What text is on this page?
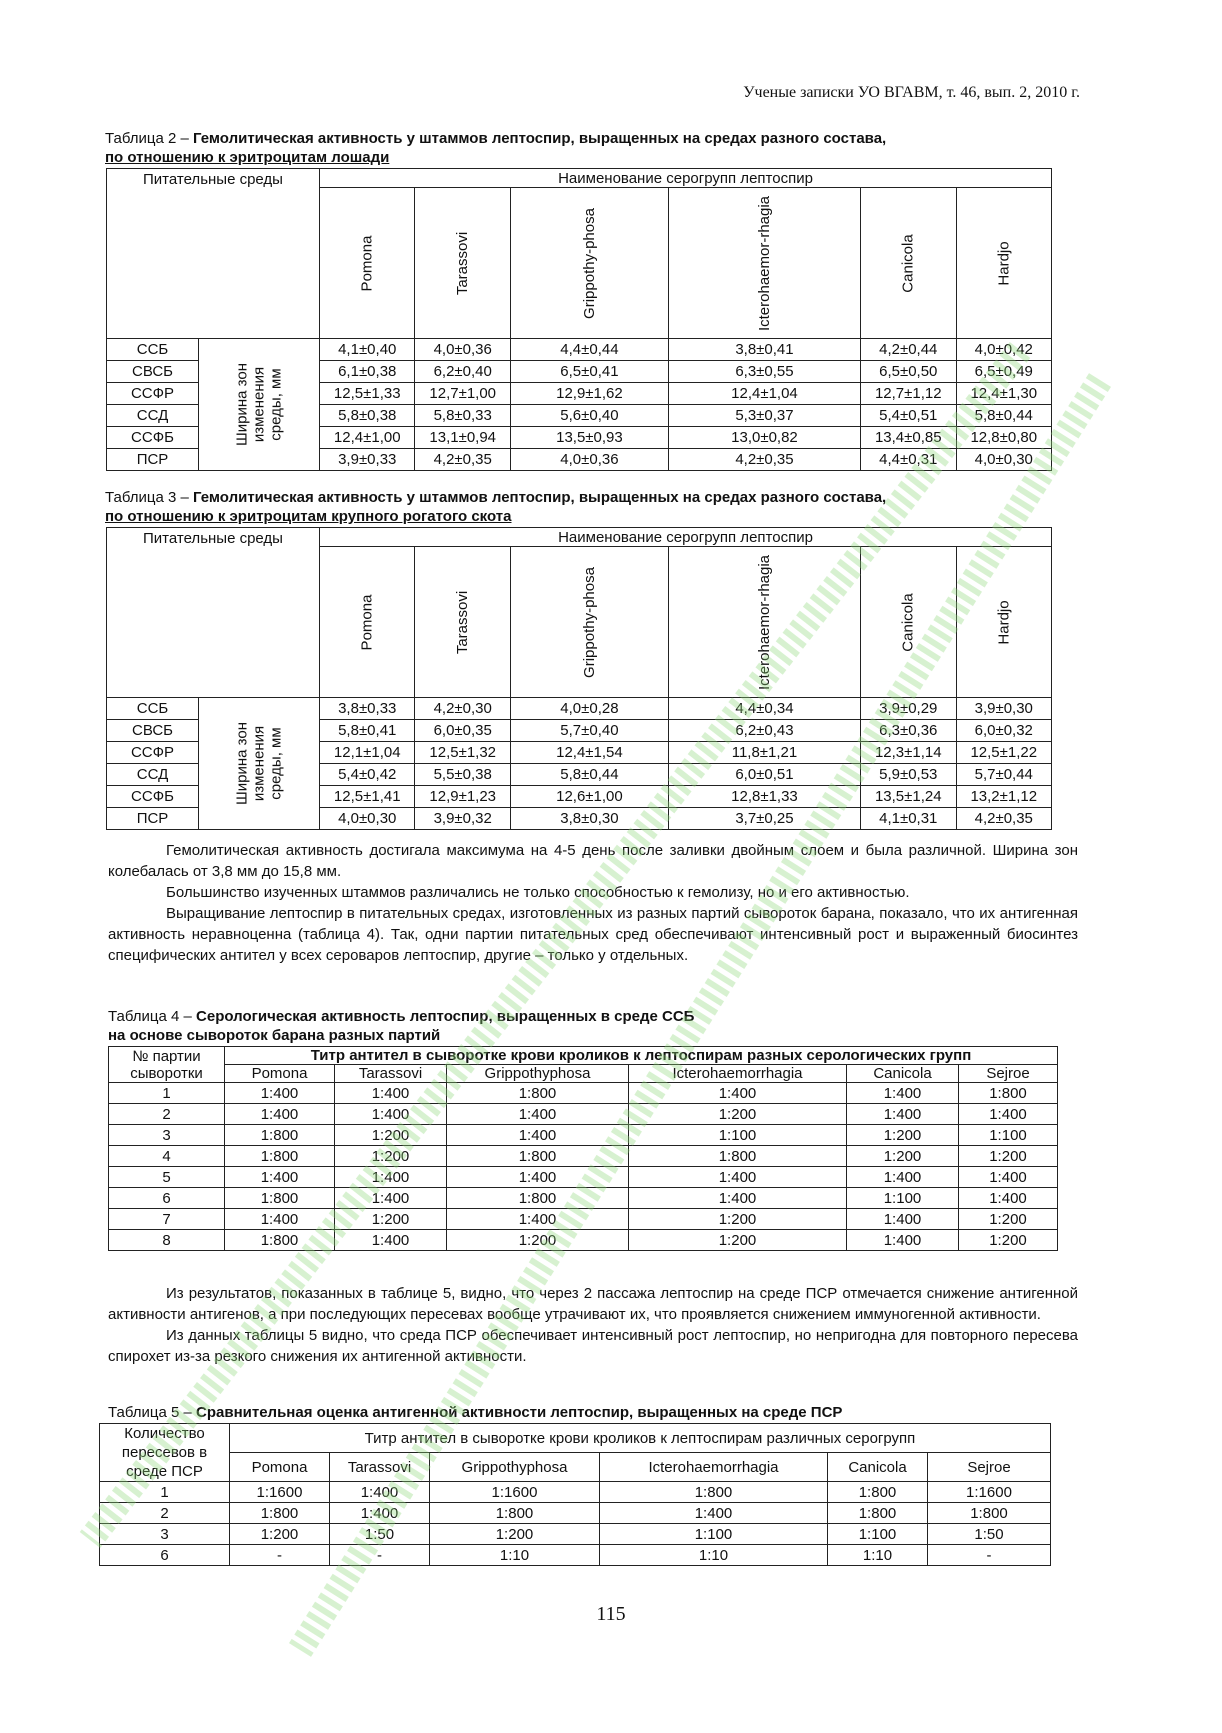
Ученые записки УО ВГАВМ, т. 46, вып. 2, 2010 г.
Таблица 2 – Гемолитическая активность у штаммов лептоспир, выращенных на средах разного состава,
по отношению к эритроцитам лошади
Питательные среды		Наименование серогрупп лептоспир					
		Pomona	Tarassovi	Grippothy-phosa	Icterohaemor-rhagia	Canicola	Hardjo
ССБ	Ширина зон изменения среды, мм	4,1±0,40	4,0±0,36	4,4±0,44	3,8±0,41	4,2±0,44	4,0±0,42
СВСБ		6,1±0,38	6,2±0,40	6,5±0,41	6,3±0,55	6,5±0,50	6,5±0,49
ССФР		12,5±1,33	12,7±1,00	12,9±1,62	12,4±1,04	12,7±1,12	12,4±1,30
ССД		5,8±0,38	5,8±0,33	5,6±0,40	5,3±0,37	5,4±0,51	5,8±0,44
ССФБ		12,4±1,00	13,1±0,94	13,5±0,93	13,0±0,82	13,4±0,85	12,8±0,80
ПСР		3,9±0,33	4,2±0,35	4,0±0,36	4,2±0,35	4,4±0,31	4,0±0,30
Таблица 3 – Гемолитическая активность у штаммов лептоспир, выращенных на средах разного состава,
по отношению к эритроцитам крупного рогатого скота
Питательные среды		Наименование серогрупп лептоспир					
		Pomona	Tarassovi	Grippothy-phosa	Icterohaemor-rhagia	Canicola	Hardjo
ССБ	Ширина зон изменения среды, мм	3,8±0,33	4,2±0,30	4,0±0,28	4,4±0,34	3,9±0,29	3,9±0,30
СВСБ		5,8±0,41	6,0±0,35	5,7±0,40	6,2±0,43	6,3±0,36	6,0±0,32
ССФР		12,1±1,04	12,5±1,32	12,4±1,54	11,8±1,21	12,3±1,14	12,5±1,22
ССД		5,4±0,42	5,5±0,38	5,8±0,44	6,0±0,51	5,9±0,53	5,7±0,44
ССФБ		12,5±1,41	12,9±1,23	12,6±1,00	12,8±1,33	13,5±1,24	13,2±1,12
ПСР		4,0±0,30	3,9±0,32	3,8±0,30	3,7±0,25	4,1±0,31	4,2±0,35

Гемолитическая активность достигала максимума на 4-5 день после заливки двойным слоем и была различной. Ширина зон колебалась от 3,8 мм до 15,8 мм.

Большинство изученных штаммов различались не только способностью к гемолизу, но и его активностью.

Выращивание лептоспир в питательных средах, изготовленных из разных партий сывороток барана, показало, что их антигенная активность неравноценна (таблица 4). Так, одни партии питательных сред обеспечивают интенсивный рост и выраженный биосинтез специфических антител у всех сероваров лептоспир, другие – только у отдельных.

Таблица 4 – Серологическая активность лептоспир, выращенных в среде ССБ
на основе сывороток барана разных партий
№ партии сыворотки	Титр антител в сыворотке крови кроликов к лептоспирам разных серологических групп					
	Pomona	Tarassovi	Grippothyphosa	Icterohaemorrhagia	Canicola	Sejroe
1	1:400	1:400	1:800	1:400	1:400	1:800
2	1:400	1:400	1:400	1:200	1:400	1:400
3	1:800	1:200	1:400	1:100	1:200	1:100
4	1:800	1:200	1:800	1:800	1:200	1:200
5	1:400	1:400	1:400	1:400	1:400	1:400
6	1:800	1:400	1:800	1:400	1:100	1:400
7	1:400	1:200	1:400	1:200	1:400	1:200
8	1:800	1:400	1:200	1:200	1:400	1:200

Из результатов, показанных в таблице 5, видно, что через 2 пассажа лептоспир на среде ПСР отмечается снижение антигенной активности антигенов, а при последующих пересевах вообще утрачивают их, что проявляется снижением иммуногенной активности.

Из данных таблицы 5 видно, что среда ПСР обеспечивает интенсивный рост лептоспир, но непригодна для повторного пересева спирохет из-за резкого снижения их антигенной активности.

Таблица 5 – Сравнительная оценка антигенной активности лептоспир, выращенных на среде ПСР
Количество пересевов в среде ПСР	Титр антител в сыворотке крови кроликов к лептоспирам различных серогрупп					
	Pomona	Tarassovi	Grippothyphosa	Icterohaemorrhagia	Canicola	Sejroe
1	1:1600	1:400	1:1600	1:800	1:800	1:1600
2	1:800	1:400	1:800	1:400	1:800	1:800
3	1:200	1:50	1:200	1:100	1:100	1:50
6	-	-	1:10	1:10	1:10	-
115
